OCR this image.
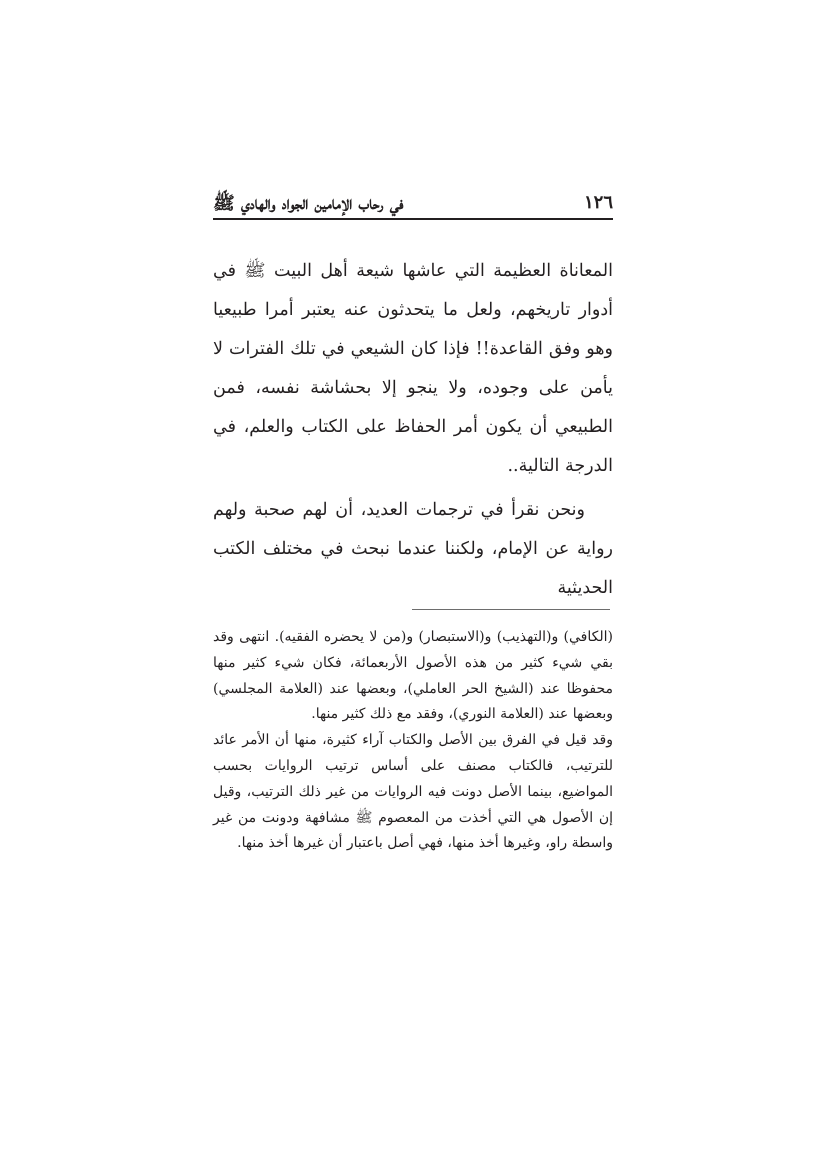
١٢٦
في رحاب الإمامين الجواد والهادي ﷺ

المعاناة العظيمة التي عاشها شيعة أهل البيت ﷺ في أدوار تاريخهم، ولعل ما يتحدثون عنه يعتبر أمرا طبيعيا وهو وفق القاعدة!! فإذا كان الشيعي في تلك الفترات لا يأمن على وجوده، ولا ينجو إلا بحشاشة نفسه، فمن الطبيعي أن يكون أمر الحفاظ على الكتاب والعلم، في الدرجة التالية..

ونحن نقرأ في ترجمات العديد، أن لهم صحبة ولهم رواية عن الإمام، ولكننا عندما نبحث في مختلف الكتب الحديثية

(الكافي) و(التهذيب) و(الاستبصار) و(من لا يحضره الفقيه). انتهى وقد بقي شيء كثير من هذه الأصول الأربعمائة، فكان شيء كثير منها محفوظا عند (الشيخ الحر العاملي)، وبعضها عند (العلامة المجلسي) وبعضها عند (العلامة النوري)، وفقد مع ذلك كثير منها.

وقد قيل في الفرق بين الأصل والكتاب آراء كثيرة، منها أن الأمر عائد للترتيب، فالكتاب مصنف على أساس ترتيب الروايات بحسب المواضيع، بينما الأصل دونت فيه الروايات من غير ذلك الترتيب، وقيل إن الأصول هي التي أخذت من المعصوم ﷺ مشافهة ودونت من غير واسطة راو، وغيرها أخذ منها، فهي أصل باعتبار أن غيرها أخذ منها.
